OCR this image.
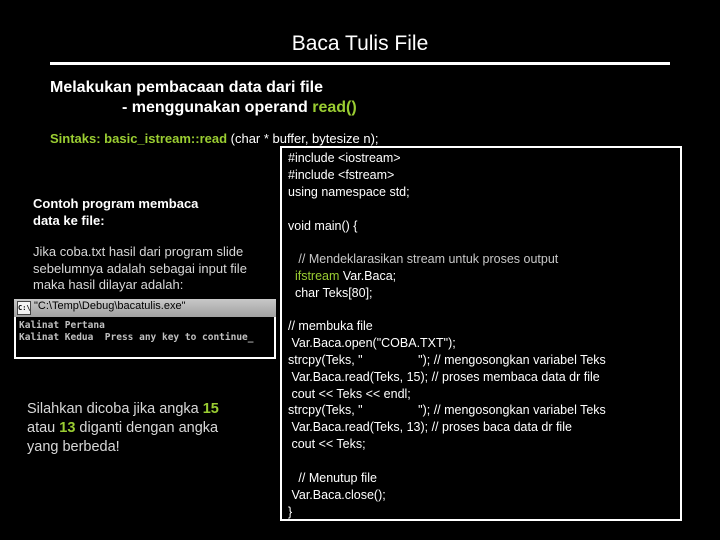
Baca Tulis File
Melakukan pembacaan data dari file
- menggunakan operand read()
Sintaks: basic_istream::read (char * buffer, bytesize n);
Contoh program membaca
data ke file:
Jika coba.txt hasil dari program slide
sebelumnya adalah sebagai input file
maka hasil dilayar adalah:
C:\ "C:\Temp\Debug\bacatulis.exe"
Kalinat Pertana
Kalinat Kedua  Press any key to continue_
Silahkan dicoba jika angka 15
atau 13 diganti dengan angka
yang berbeda!
#include <iostream>
#include <fstream>
using namespace std;
void main() {
// Mendeklarasikan stream untuk proses output
ifstream Var.Baca;
char Teks[80];
// membuka file
Var.Baca.open("COBA.TXT");
strcpy(Teks, "                "); // mengosongkan variabel Teks
Var.Baca.read(Teks, 15); // proses membaca data dr file
cout << Teks << endl;
strcpy(Teks, "                "); // mengosongkan variabel Teks
Var.Baca.read(Teks, 13); // proses baca data dr file
cout << Teks;
// Menutup file
Var.Baca.close();
}
